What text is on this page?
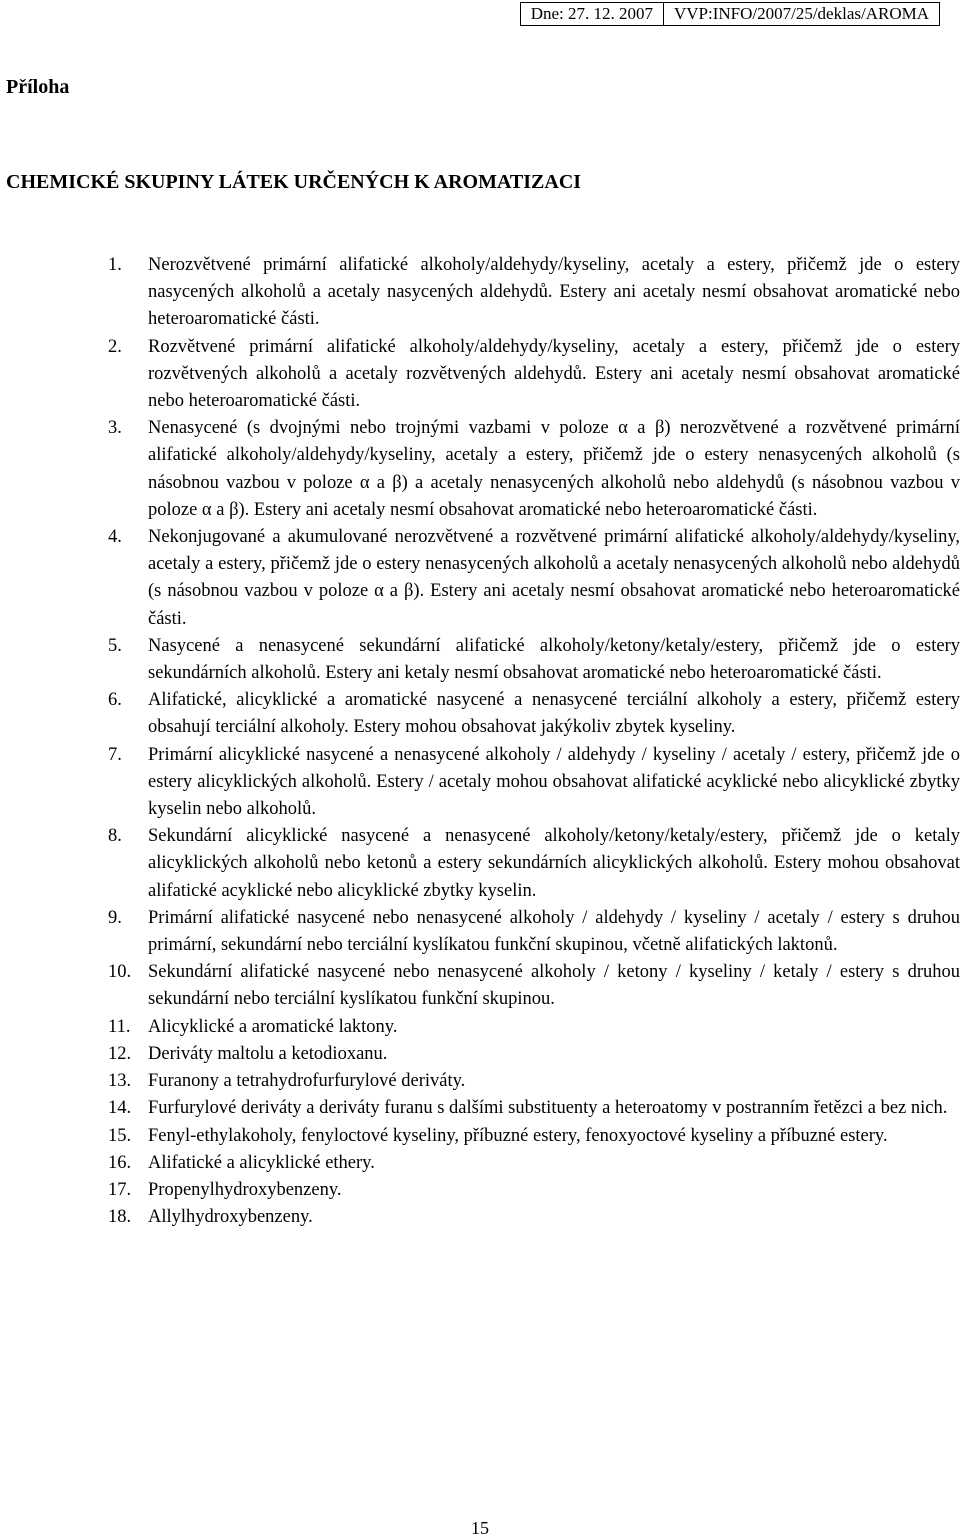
Dne: 27. 12. 2007	VVP:INFO/2007/25/deklas/AROMA
Příloha
CHEMICKÉ SKUPINY LÁTEK URČENÝCH K AROMATIZACI
1.	Nerozvětvené primární alifatické alkoholy/aldehydy/kyseliny, acetaly a estery, přičemž jde o estery nasycených alkoholů a acetaly nasycených aldehydů. Estery ani acetaly nesmí obsahovat aromatické nebo heteroaromatické části.
2.	Rozvětvené primární alifatické alkoholy/aldehydy/kyseliny, acetaly a estery, přičemž jde o estery rozvětvených alkoholů a acetaly rozvětvených aldehydů. Estery ani acetaly nesmí obsahovat aromatické nebo heteroaromatické části.
3.	Nenasycené (s dvojnými nebo trojnými vazbami v poloze α a β) nerozvětvené a rozvětvené primární alifatické alkoholy/aldehydy/kyseliny, acetaly a estery, přičemž jde o estery nenasycených alkoholů (s násobnou vazbou v poloze α a β) a acetaly nenasycených alkoholů nebo aldehydů (s násobnou vazbou v poloze α a β). Estery ani acetaly nesmí obsahovat aromatické nebo heteroaromatické části.
4.	Nekonjugované a akumulované nerozvětvené a rozvětvené primární alifatické alkoholy/aldehydy/kyseliny, acetaly a estery, přičemž jde o estery nenasycených alkoholů a acetaly nenasycených alkoholů nebo aldehydů (s násobnou vazbou v poloze α a β). Estery ani acetaly nesmí obsahovat aromatické nebo heteroaromatické části.
5.	Nasycené a nenasycené sekundární alifatické alkoholy/ketony/ketaly/estery, přičemž jde o estery sekundárních alkoholů. Estery ani ketaly nesmí obsahovat aromatické nebo heteroaromatické části.
6.	Alifatické, alicyklické a aromatické nasycené a nenasycené terciální alkoholy a estery, přičemž estery obsahují terciální alkoholy. Estery mohou obsahovat jakýkoliv zbytek kyseliny.
7.	Primární alicyklické nasycené a nenasycené alkoholy / aldehydy / kyseliny / acetaly / estery, přičemž jde o estery alicyklických alkoholů. Estery / acetaly mohou obsahovat alifatické acyklické nebo alicyklické zbytky kyselin nebo alkoholů.
8.	Sekundární alicyklické nasycené a nenasycené alkoholy/ketony/ketaly/estery, přičemž jde o ketaly alicyklických alkoholů nebo ketonů a estery sekundárních alicyklických alkoholů. Estery mohou obsahovat alifatické acyklické nebo alicyklické zbytky kyselin.
9.	Primární alifatické nasycené nebo nenasycené alkoholy / aldehydy / kyseliny / acetaly / estery s druhou primární, sekundární nebo terciální kyslíkatou funkční skupinou, včetně alifatických laktonů.
10. Sekundární alifatické nasycené nebo nenasycené alkoholy / ketony / kyseliny / ketaly / estery s druhou sekundární nebo terciální kyslíkatou funkční skupinou.
11. Alicyklické a aromatické laktony.
12. Deriváty maltolu a ketodioxanu.
13. Furanony a tetrahydrofurfurylové deriváty.
14. Furfurylové deriváty a deriváty furanu s dalšími substituenty a heteroatomy v postranním řetězci a bez nich.
15. Fenyl-ethylakoholy, fenyloctové kyseliny, příbuzné estery, fenoxyoctové kyseliny a příbuzné estery.
16. Alifatické a alicyklické ethery.
17. Propenylhydroxybenzeny.
18. Allylhydroxybenzeny.
15
